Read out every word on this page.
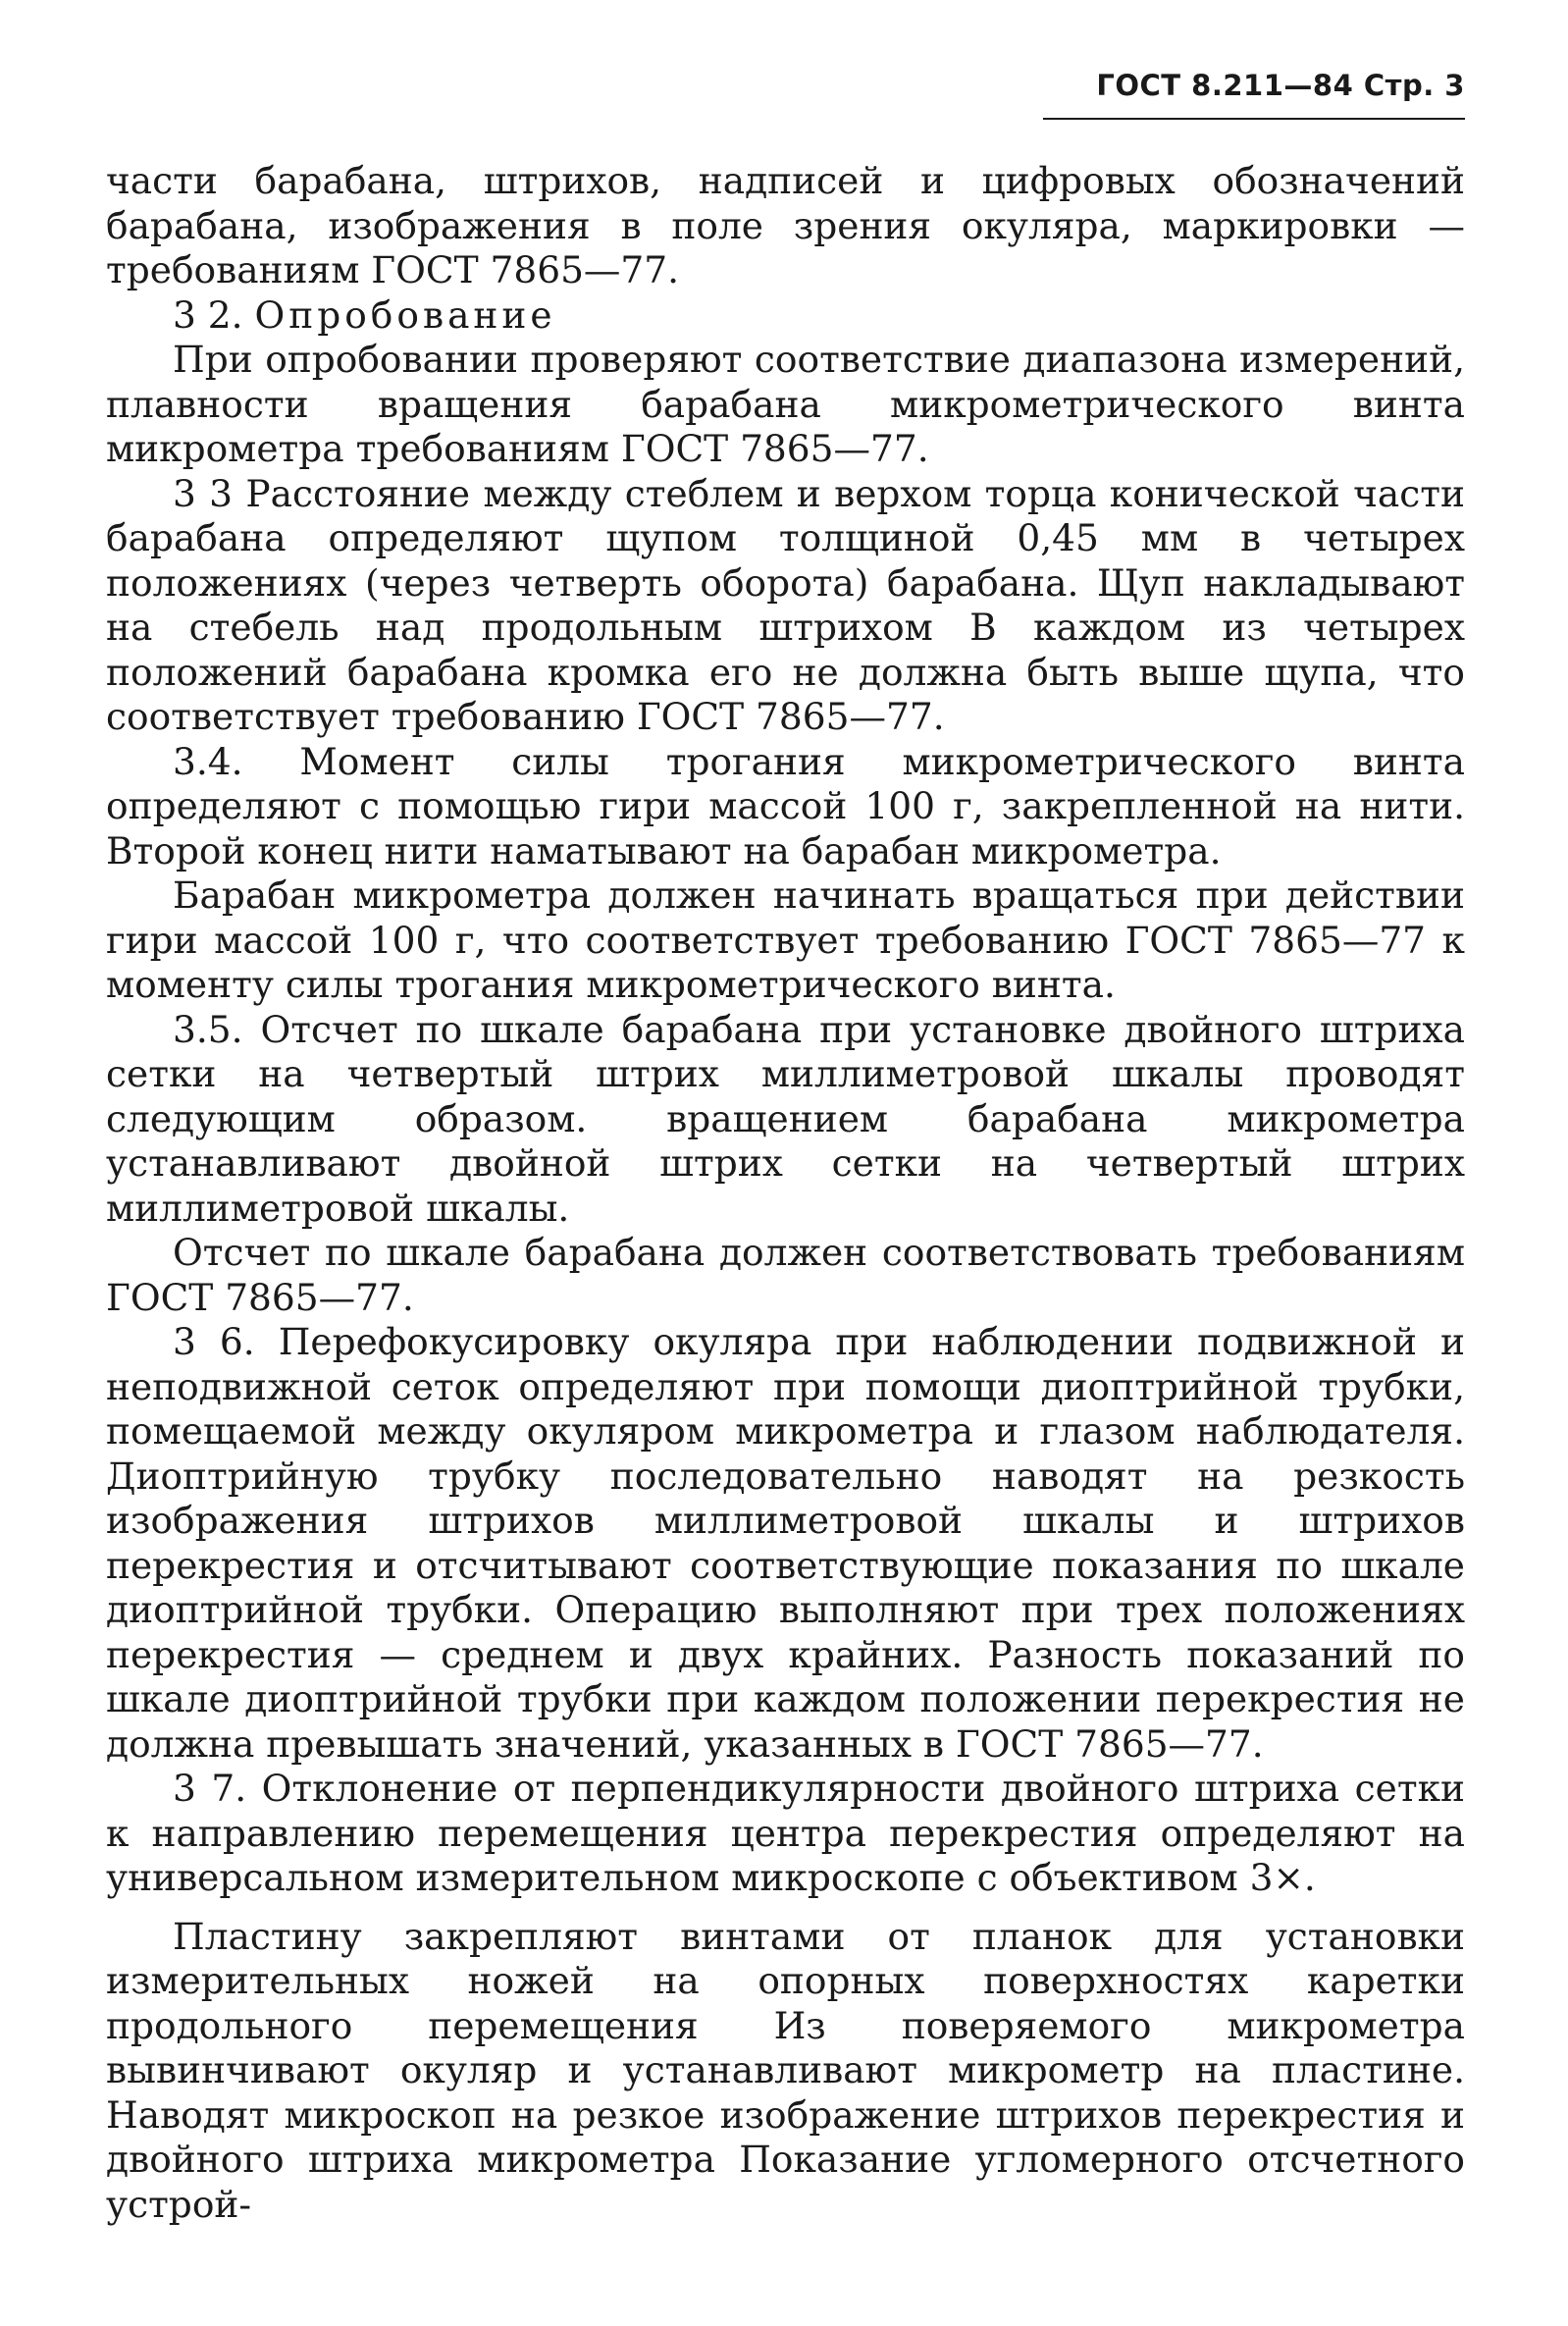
ГОСТ 8.211—84 Стр. 3

части барабана, штрихов, надписей и цифровых обозначений барабана, изображения в поле зрения окуляра, маркировки — требованиям ГОСТ 7865—77.

3 2. Опробование

При опробовании проверяют соответствие диапазона измерений, плавности вращения барабана микрометрического винта микрометра требованиям ГОСТ 7865—77.

3 3 Расстояние между стеблем и верхом торца конической части барабана определяют щупом толщиной 0,45 мм в четырех положениях (через четверть оборота) барабана. Щуп накладывают на стебель над продольным штрихом В каждом из четырех положений барабана кромка его не должна быть выше щупа, что соответствует требованию ГОСТ 7865—77.

3.4. Момент силы трогания микрометрического винта определяют с помощью гири массой 100 г, закрепленной на нити. Второй конец нити наматывают на барабан микрометра.

Барабан микрометра должен начинать вращаться при действии гири массой 100 г, что соответствует требованию ГОСТ 7865—77 к моменту силы трогания микрометрического винта.

3.5. Отсчет по шкале барабана при установке двойного штриха сетки на четвертый штрих миллиметровой шкалы проводят следующим образом. вращением барабана микрометра устанавливают двойной штрих сетки на четвертый штрих миллиметровой шкалы.

Отсчет по шкале барабана должен соответствовать требованиям ГОСТ 7865—77.

3 6. Перефокусировку окуляра при наблюдении подвижной и неподвижной сеток определяют при помощи диоптрийной трубки, помещаемой между окуляром микрометра и глазом наблюдателя. Диоптрийную трубку последовательно наводят на резкость изображения штрихов миллиметровой шкалы и штрихов перекрестия и отсчитывают соответствующие показания по шкале диоптрийной трубки. Операцию выполняют при трех положениях перекрестия — среднем и двух крайних. Разность показаний по шкале диоптрийной трубки при каждом положении перекрестия не должна превышать значений, указанных в ГОСТ 7865—77.

3 7. Отклонение от перпендикулярности двойного штриха сетки к направлению перемещения центра перекрестия определяют на универсальном измерительном микроскопе с объективом 3×.

Пластину закрепляют винтами от планок для установки измерительных ножей на опорных поверхностях каретки продольного перемещения Из поверяемого микрометра вывинчивают окуляр и устанавливают микрометр на пластине. Наводят микроскоп на резкое изображение штрихов перекрестия и двойного штриха микрометра Показание угломерного отсчетного устрой-
